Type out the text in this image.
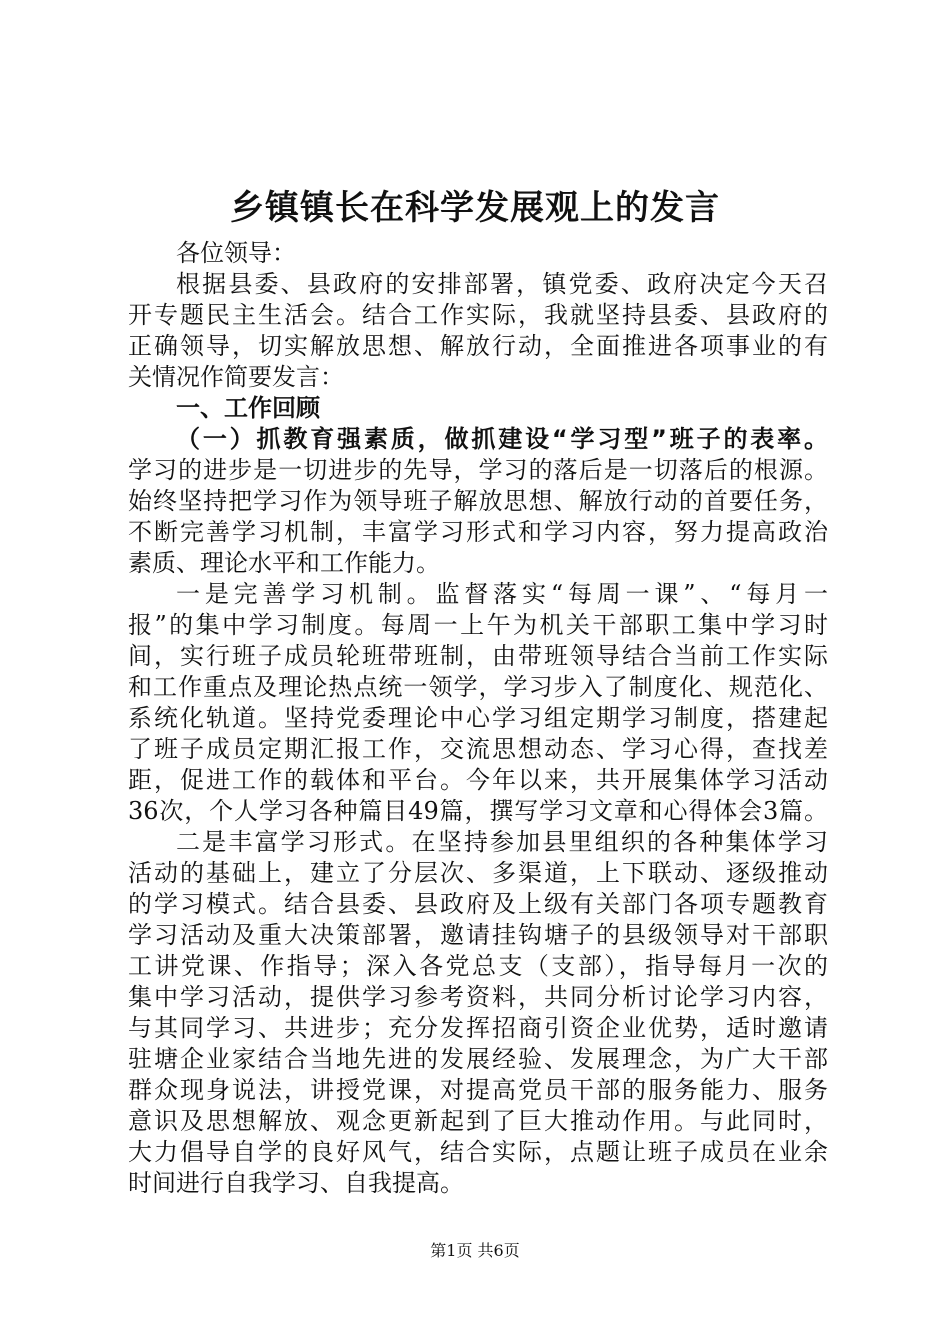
乡镇镇长在科学发展观上的发言
各位领导：
根据县委、县政府的安排部署，镇党委、政府决定今天召
开专题民主生活会。结合工作实际，我就坚持县委、县政府的
正确领导，切实解放思想、解放行动，全面推进各项事业的有
关情况作简要发言：
一、工作回顾
（一）抓教育强素质，做抓建设“学习型”班子的表率。
学习的进步是一切进步的先导，学习的落后是一切落后的根源。
始终坚持把学习作为领导班子解放思想、解放行动的首要任务，
不断完善学习机制，丰富学习形式和学习内容，努力提高政治
素质、理论水平和工作能力。
一是完善学习机制。监督落实“每周一课”、“每月一
报”的集中学习制度。每周一上午为机关干部职工集中学习时
间，实行班子成员轮班带班制，由带班领导结合当前工作实际
和工作重点及理论热点统一领学，学习步入了制度化、规范化、
系统化轨道。坚持党委理论中心学习组定期学习制度，搭建起
了班子成员定期汇报工作，交流思想动态、学习心得，查找差
距，促进工作的载体和平台。今年以来，共开展集体学习活动
36次，个人学习各种篇目49篇，撰写学习文章和心得体会3篇。
二是丰富学习形式。在坚持参加县里组织的各种集体学习
活动的基础上，建立了分层次、多渠道，上下联动、逐级推动
的学习模式。结合县委、县政府及上级有关部门各项专题教育
学习活动及重大决策部署，邀请挂钩塘子的县级领导对干部职
工讲党课、作指导；深入各党总支（支部），指导每月一次的
集中学习活动，提供学习参考资料，共同分析讨论学习内容，
与其同学习、共进步；充分发挥招商引资企业优势，适时邀请
驻塘企业家结合当地先进的发展经验、发展理念，为广大干部
群众现身说法，讲授党课，对提高党员干部的服务能力、服务
意识及思想解放、观念更新起到了巨大推动作用。与此同时，
大力倡导自学的良好风气，结合实际，点题让班子成员在业余
时间进行自我学习、自我提高。
第1页 共6页
